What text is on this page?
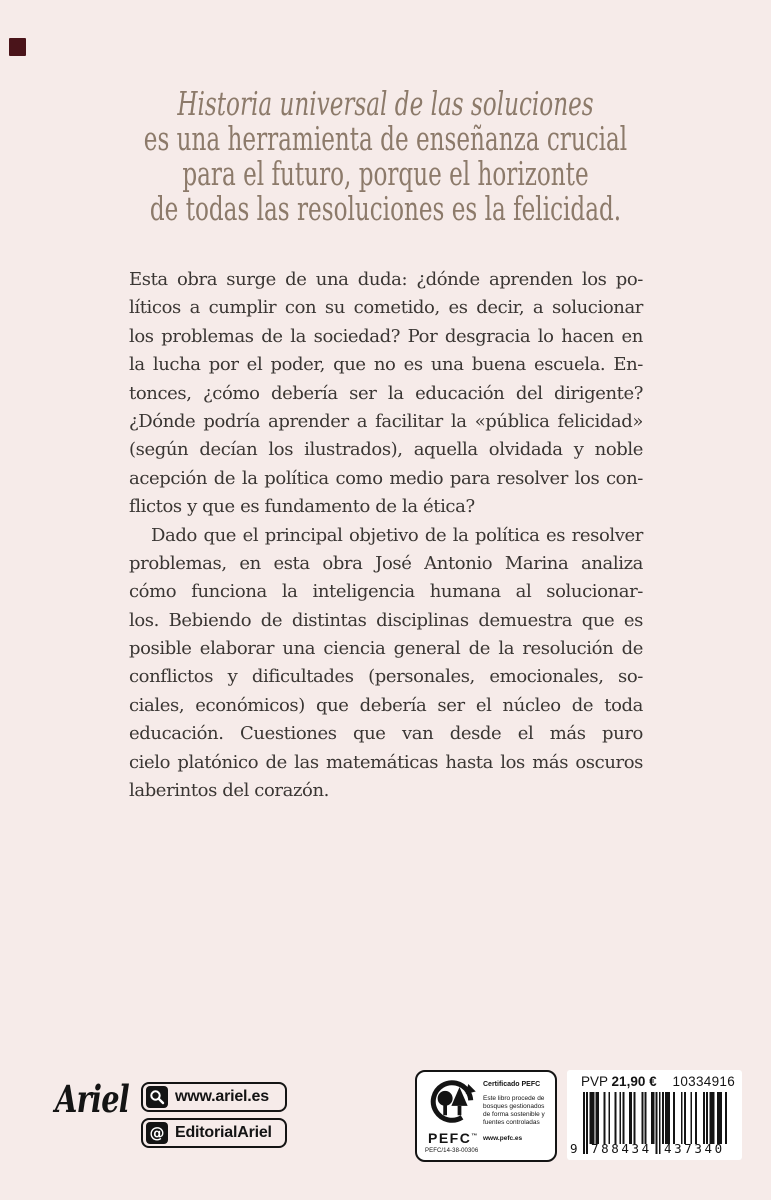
Historia universal de las soluciones
es una herramienta de enseñanza crucial
para el futuro, porque el horizonte
de todas las resoluciones es la felicidad.
Esta obra surge de una duda: ¿dónde aprenden los po-
líticos a cumplir con su cometido, es decir, a solucionar
los problemas de la sociedad? Por desgracia lo hacen en
la lucha por el poder, que no es una buena escuela. En-
tonces, ¿cómo debería ser la educación del dirigente?
¿Dónde podría aprender a facilitar la «pública felicidad»
(según decían los ilustrados), aquella olvidada y noble
acepción de la política como medio para resolver los con-
flictos y que es fundamento de la ética?
Dado que el principal objetivo de la política es resolver
problemas, en esta obra José Antonio Marina analiza
cómo funciona la inteligencia humana al solucionar-
los. Bebiendo de distintas disciplinas demuestra que es
posible elaborar una ciencia general de la resolución de
conflictos y dificultades (personales, emocionales, so-
ciales, económicos) que debería ser el núcleo de toda
educación. Cuestiones que van desde el más puro
cielo platónico de las matemáticas hasta los más oscuros
laberintos del corazón.
Ariel	www.ariel.es
@ EditorialAriel	PEFC™
PEFC/14-38-00306
Certificado PEFC
Este libro procede de bosques gestionados de forma sostenible y fuentes controladas
www.pefc.es
PVP 21,90 € 10334916
9 788434 437340
